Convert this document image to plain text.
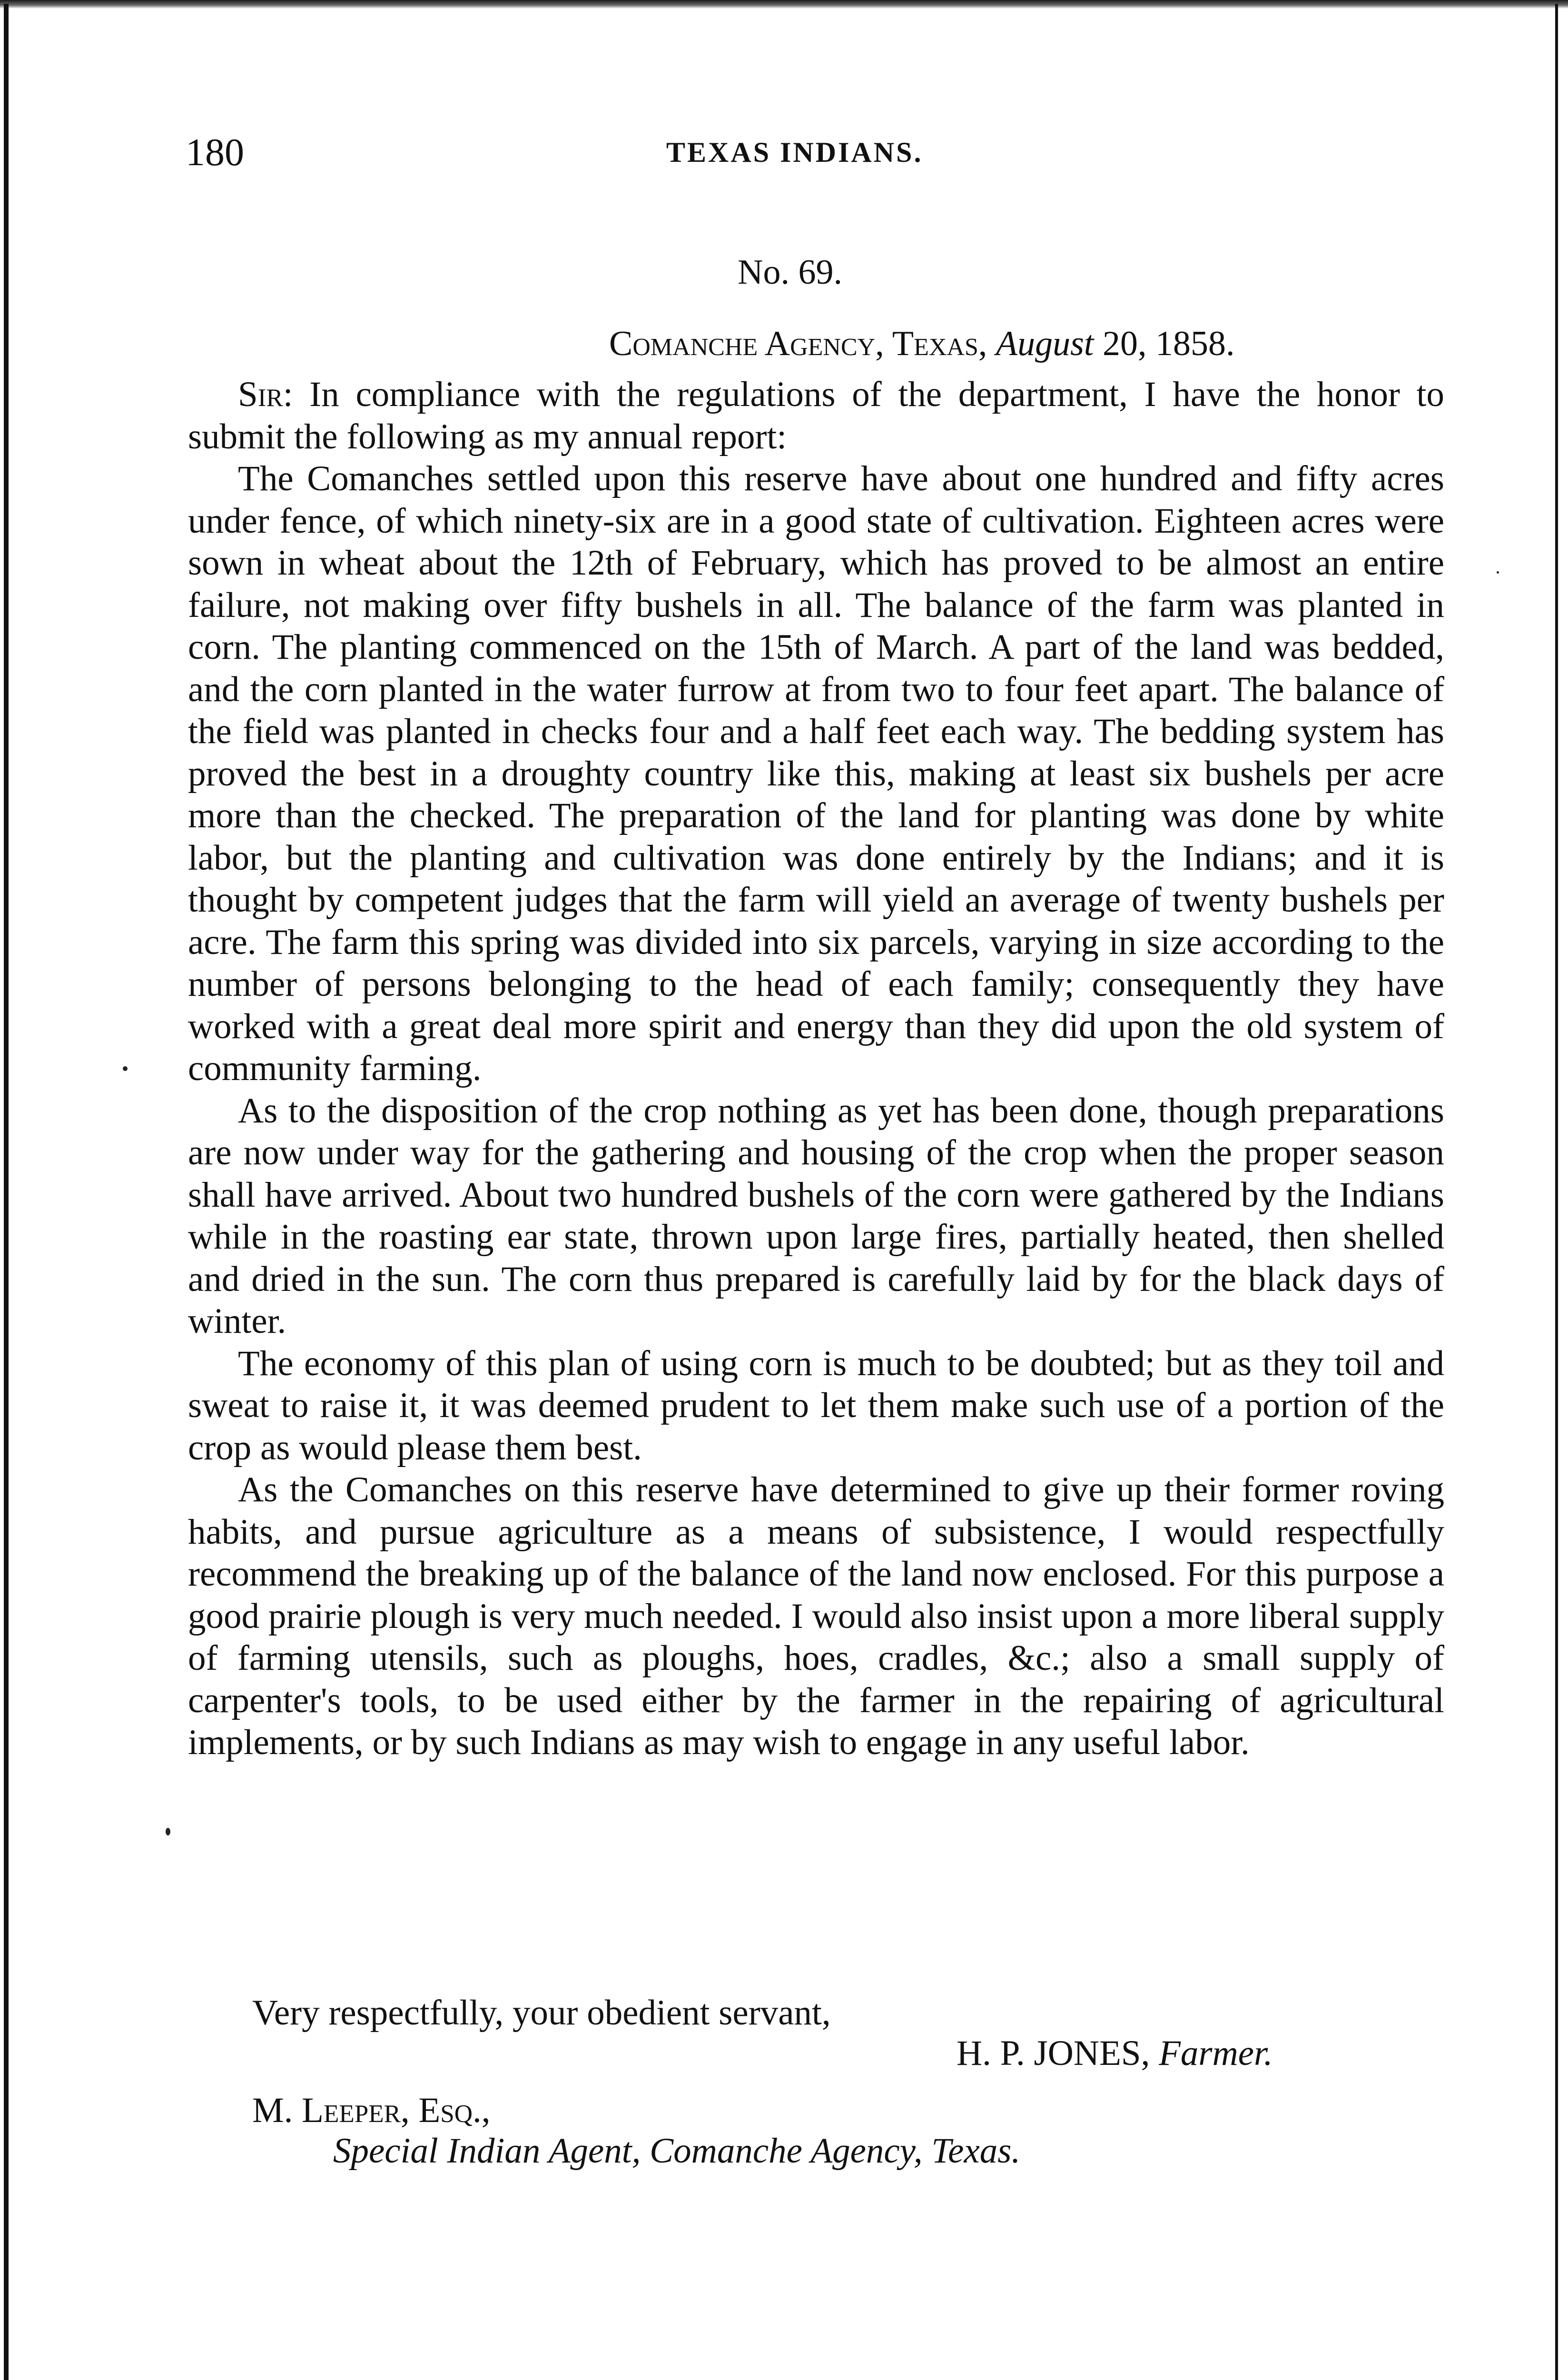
180	TEXAS INDIANS.
No. 69.
Comanche Agency, Texas, August 20, 1858.

Sir: In compliance with the regulations of the department, I have the honor to submit the following as my annual report:

The Comanches settled upon this reserve have about one hundred and fifty acres under fence, of which ninety-six are in a good state of cultivation. Eighteen acres were sown in wheat about the 12th of February, which has proved to be almost an entire failure, not making over fifty bushels in all. The balance of the farm was planted in corn. The planting commenced on the 15th of March. A part of the land was bedded, and the corn planted in the water furrow at from two to four feet apart. The balance of the field was planted in checks four and a half feet each way. The bedding system has proved the best in a droughty country like this, making at least six bushels per acre more than the checked. The preparation of the land for planting was done by white labor, but the planting and cultivation was done entirely by the Indians; and it is thought by competent judges that the farm will yield an average of twenty bushels per acre. The farm this spring was divided into six parcels, varying in size according to the number of persons belonging to the head of each family; consequently they have worked with a great deal more spirit and energy than they did upon the old system of community farming.

As to the disposition of the crop nothing as yet has been done, though preparations are now under way for the gathering and housing of the crop when the proper season shall have arrived. About two hundred bushels of the corn were gathered by the Indians while in the roasting ear state, thrown upon large fires, partially heated, then shelled and dried in the sun. The corn thus prepared is carefully laid by for the black days of winter.

The economy of this plan of using corn is much to be doubted; but as they toil and sweat to raise it, it was deemed prudent to let them make such use of a portion of the crop as would please them best.

As the Comanches on this reserve have determined to give up their former roving habits, and pursue agriculture as a means of subsistence, I would respectfully recommend the breaking up of the balance of the land now enclosed. For this purpose a good prairie plough is very much needed. I would also insist upon a more liberal supply of farming utensils, such as ploughs, hoes, cradles, &c.; also a small supply of carpenter's tools, to be used either by the farmer in the repairing of agricultural implements, or by such Indians as may wish to engage in any useful labor.

Very respectfully, your obedient servant,
H. P. JONES, Farmer.
M. Leeper, Esq.,
Special Indian Agent, Comanche Agency, Texas.
